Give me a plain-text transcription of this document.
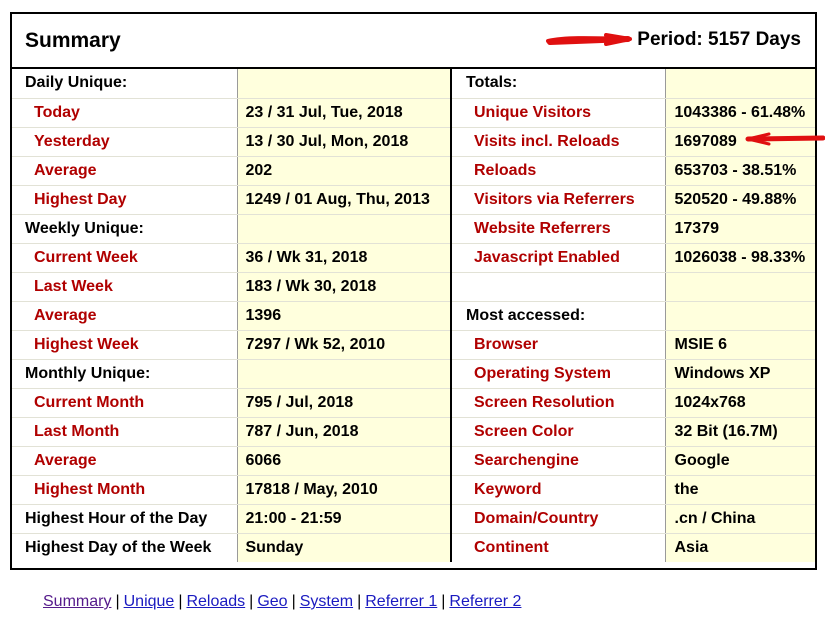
Summary	Period: 5157 Days
Daily Unique:		Totals:	
Today	23 / 31 Jul, Tue, 2018	Unique Visitors	1043386 - 61.48%
Yesterday	13 / 30 Jul, Mon, 2018	Visits incl. Reloads	1697089
Average	202	Reloads	653703 - 38.51%
Highest Day	1249 / 01 Aug, Thu, 2013	Visitors via Referrers	520520 - 49.88%
Weekly Unique:		Website Referrers	17379
Current Week	36 / Wk 31, 2018	Javascript Enabled	1026038 - 98.33%
Last Week	183 / Wk 30, 2018		
Average	1396	Most accessed:	
Highest Week	7297 / Wk 52, 2010	Browser	MSIE 6
Monthly Unique:		Operating System	Windows XP
Current Month	795 / Jul, 2018	Screen Resolution	1024x768
Last Month	787 / Jun, 2018	Screen Color	32 Bit (16.7M)
Average	6066	Searchengine	Google
Highest Month	17818 / May, 2010	Keyword	the
Highest Hour of the Day	21:00 - 21:59	Domain/Country	.cn / China
Highest Day of the Week	Sunday	Continent	Asia
Summary | Unique | Reloads | Geo | System | Referrer 1 | Referrer 2
